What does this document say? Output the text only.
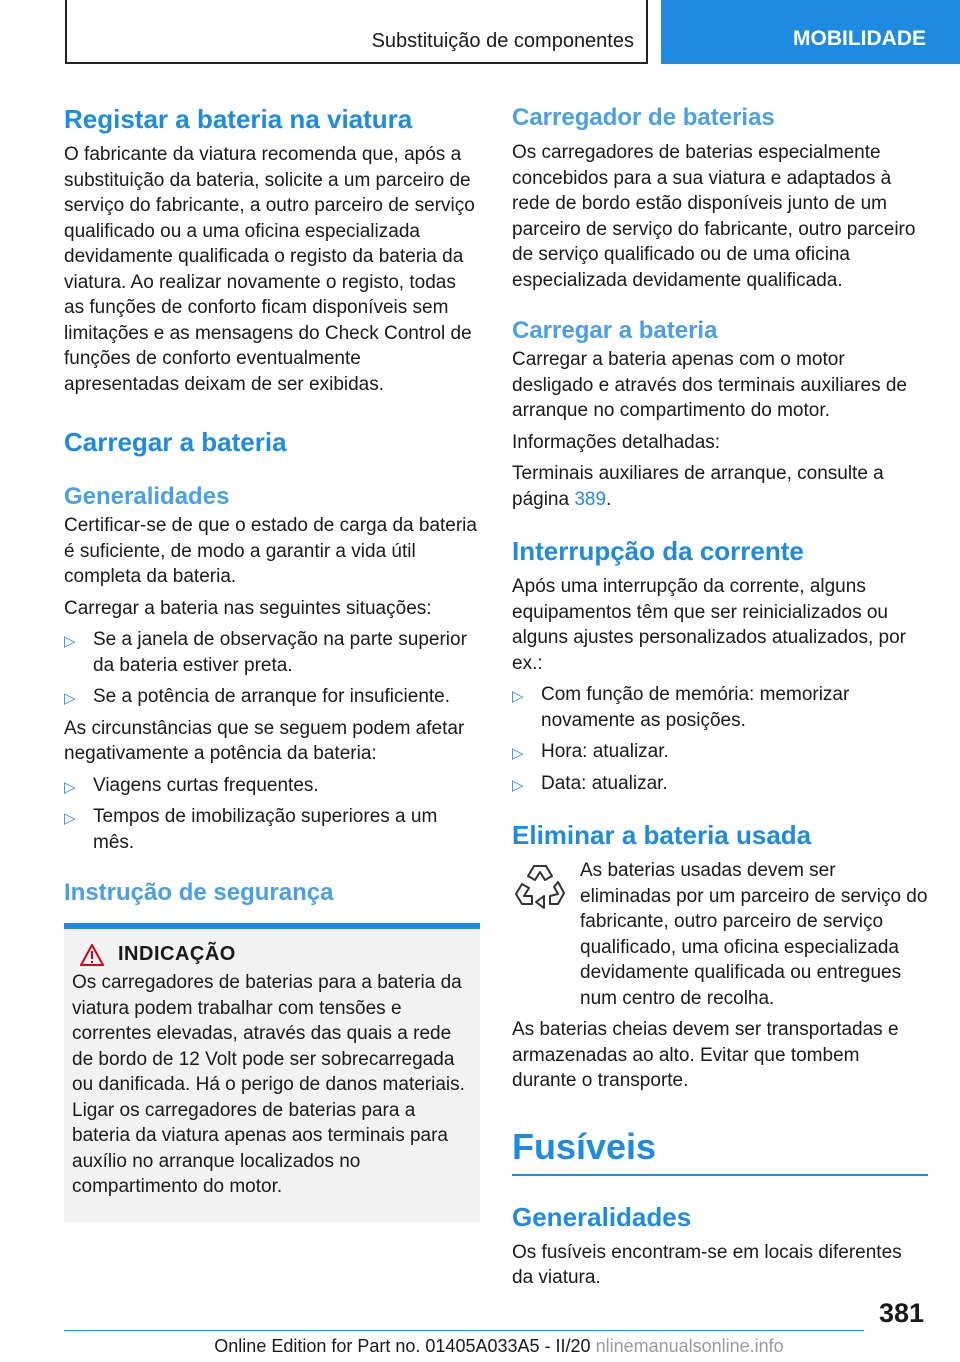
Substituição de componentes	MOBILIDADE
Registar a bateria na viatura

O fabricante da viatura recomenda que, após a substituição da bateria, solicite a um parceiro de serviço do fabricante, a outro parceiro de serviço qualificado ou a uma oficina especializada devidamente qualificada o registo da bateria da viatura. Ao realizar novamente o registo, todas as funções de conforto ficam disponíveis sem limitações e as mensagens do Check Control de funções de conforto eventualmente apresentadas deixam de ser exibidas.

Carregar a bateria
Generalidades

Certificar-se de que o estado de carga da bateria é suficiente, de modo a garantir a vida útil completa da bateria.

Carregar a bateria nas seguintes situações:

▷ Se a janela de observação na parte superior da bateria estiver preta.
▷ Se a potência de arranque for insuficiente.

As circunstâncias que se seguem podem afetar negativamente a potência da bateria:

▷ Viagens curtas frequentes.
▷ Tempos de imobilização superiores a um mês.
Instrução de segurança
INDICAÇÃO

Os carregadores de baterias para a bateria da viatura podem trabalhar com tensões e correntes elevadas, através das quais a rede de bordo de 12 Volt pode ser sobrecarregada ou danificada. Há o perigo de danos materiais. Ligar os carregadores de baterias para a bateria da viatura apenas aos terminais para auxílio no arranque localizados no compartimento do motor.

Carregador de baterias

Os carregadores de baterias especialmente concebidos para a sua viatura e adaptados à rede de bordo estão disponíveis junto de um parceiro de serviço do fabricante, outro parceiro de serviço qualificado ou de uma oficina especializada devidamente qualificada.

Carregar a bateria

Carregar a bateria apenas com o motor desligado e através dos terminais auxiliares de arranque no compartimento do motor.

Informações detalhadas:

Terminais auxiliares de arranque, consulte a página 389.

Interrupção da corrente

Após uma interrupção da corrente, alguns equipamentos têm que ser reinicializados ou alguns ajustes personalizados atualizados, por ex.:

▷ Com função de memória: memorizar novamente as posições.
▷ Hora: atualizar.
▷ Data: atualizar.
Eliminar a bateria usada

As baterias usadas devem ser eliminadas por um parceiro de serviço do fabricante, outro parceiro de serviço qualificado, uma oficina especializada devidamente qualificada ou entregues num centro de recolha.

As baterias cheias devem ser transportadas e armazenadas ao alto. Evitar que tombem durante o transporte.

Fusíveis
Generalidades

Os fusíveis encontram-se em locais diferentes da viatura.

381
Online Edition for Part no. 01405A033A5 - II/20 nlinemanualsonline.info
